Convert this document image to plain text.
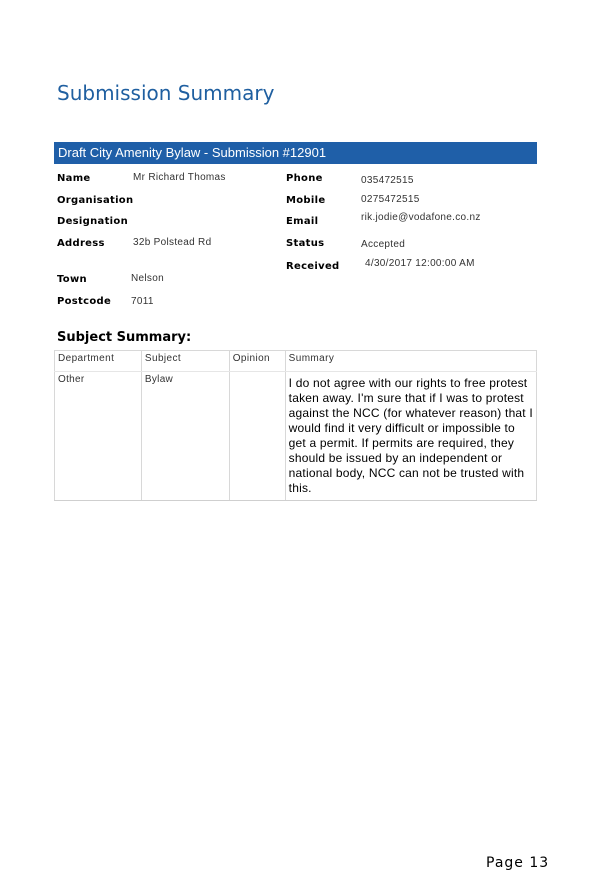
Submission Summary
Draft City Amenity Bylaw - Submission #12901
Name	Mr Richard Thomas
Organisation
Designation
Address	32b Polstead Rd
Town	Nelson
Postcode 7011
Phone	035472515
Mobile	0275472515
Email	rik.jodie@vodafone.co.nz
Status	Accepted
Received	4/30/2017 12:00:00 AM
Subject Summary:
Department	Subject	Opinion	Summary
Other	Bylaw		I do not agree with our rights to free protest taken away. I'm sure that if I was to protest against the NCC (for whatever reason) that I would find it very difficult or impossible to get a permit. If permits are required, they should be issued by an independent or national body, NCC can not be trusted with this.
Page 13
